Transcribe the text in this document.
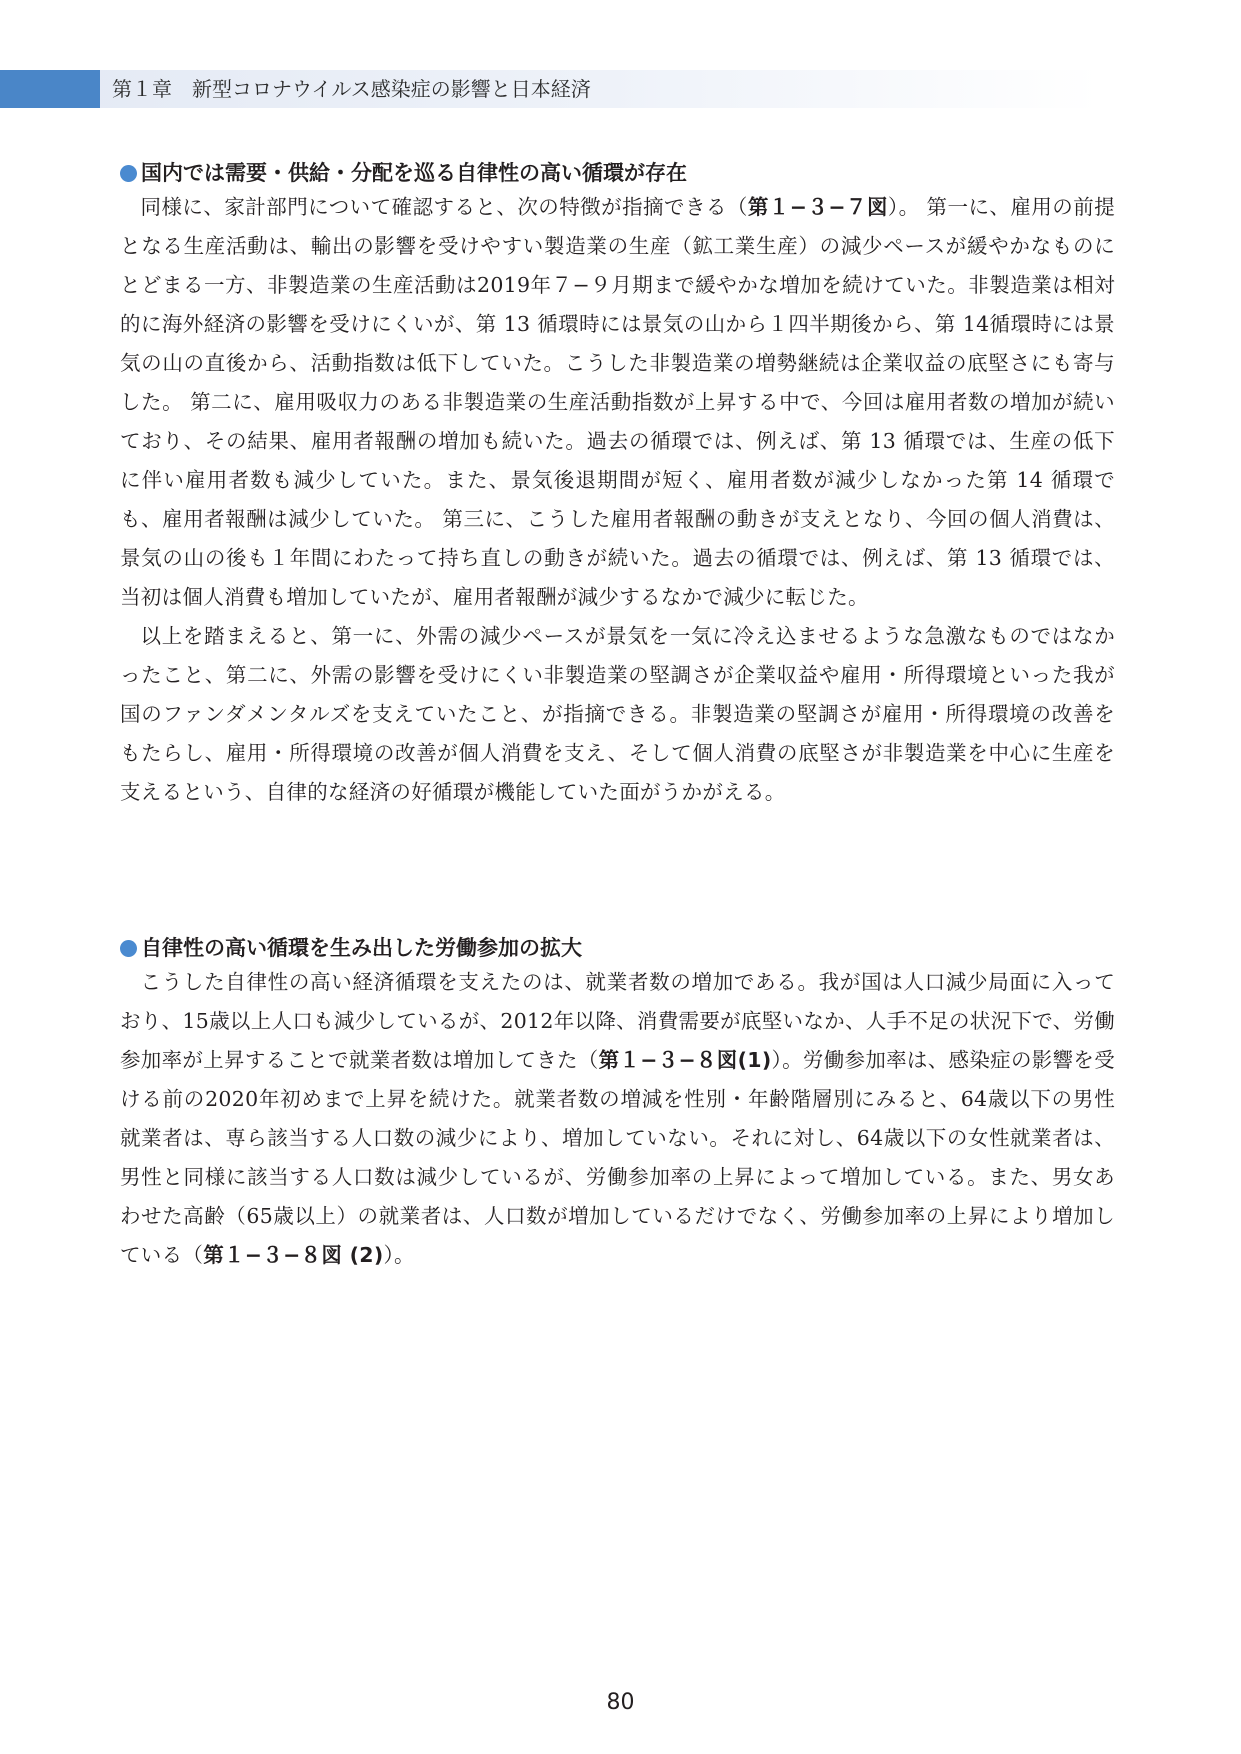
第１章　新型コロナウイルス感染症の影響と日本経済
国内では需要・供給・分配を巡る自律性の高い循環が存在

同様に、家計部門について確認すると、次の特徴が指摘できる（第１−３−７図）。 第一に、雇用の前提となる生産活動は、輸出の影響を受けやすい製造業の生産（鉱工業生産）の減少ペースが緩やかなものにとどまる一方、非製造業の生産活動は2019年７−９月期まで緩やかな増加を続けていた。非製造業は相対的に海外経済の影響を受けにくいが、第 13 循環時には景気の山から１四半期後から、第 14循環時には景気の山の直後から、活動指数は低下していた。こうした非製造業の増勢継続は企業収益の底堅さにも寄与した。 第二に、雇用吸収力のある非製造業の生産活動指数が上昇する中で、今回は雇用者数の増加が続いており、その結果、雇用者報酬の増加も続いた。過去の循環では、例えば、第 13 循環では、生産の低下に伴い雇用者数も減少していた。また、景気後退期間が短く、雇用者数が減少しなかった第 14 循環でも、雇用者報酬は減少していた。 第三に、こうした雇用者報酬の動きが支えとなり、今回の個人消費は、景気の山の後も１年間にわたって持ち直しの動きが続いた。過去の循環では、例えば、第 13 循環では、当初は個人消費も増加していたが、雇用者報酬が減少するなかで減少に転じた。

以上を踏まえると、第一に、外需の減少ペースが景気を一気に冷え込ませるような急激なものではなかったこと、第二に、外需の影響を受けにくい非製造業の堅調さが企業収益や雇用・所得環境といった我が国のファンダメンタルズを支えていたこと、が指摘できる。非製造業の堅調さが雇用・所得環境の改善をもたらし、雇用・所得環境の改善が個人消費を支え、そして個人消費の底堅さが非製造業を中心に生産を支えるという、自律的な経済の好循環が機能していた面がうかがえる。

自律性の高い循環を生み出した労働参加の拡大

こうした自律性の高い経済循環を支えたのは、就業者数の増加である。我が国は人口減少局面に入っており、15歳以上人口も減少しているが、2012年以降、消費需要が底堅いなか、人手不足の状況下で、労働参加率が上昇することで就業者数は増加してきた（第１−３−８図(1)）。労働参加率は、感染症の影響を受ける前の2020年初めまで上昇を続けた。就業者数の増減を性別・年齢階層別にみると、64歳以下の男性就業者は、専ら該当する人口数の減少により、増加していない。それに対し、64歳以下の女性就業者は、男性と同様に該当する人口数は減少しているが、労働参加率の上昇によって増加している。また、男女あわせた高齢（65歳以上）の就業者は、人口数が増加しているだけでなく、労働参加率の上昇により増加している（第１−３−８図 (2)）。

80
